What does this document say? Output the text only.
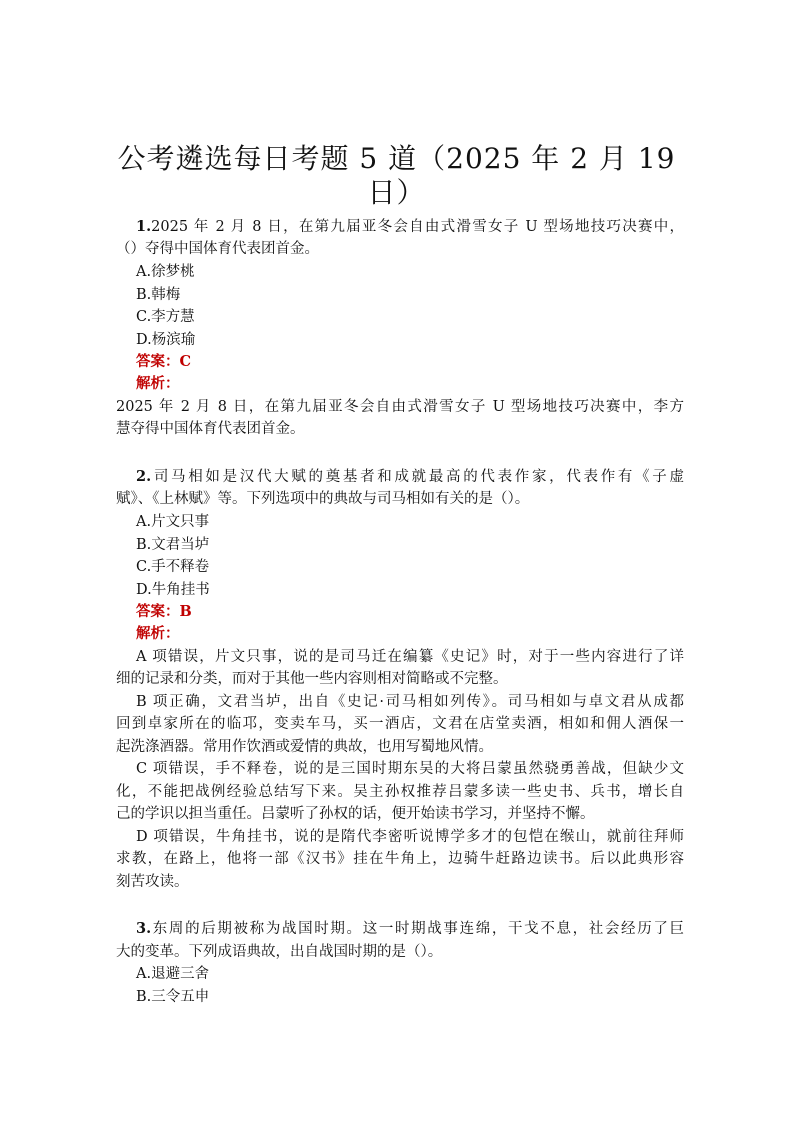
公考遴选每日考题 5 道（2025 年 2 月 19
日）
1.2025 年 2 月 8 日，在第九届亚冬会自由式滑雪女子 U 型场地技巧决赛中，
（）夺得中国体育代表团首金。
A.徐梦桃
B.韩梅
C.李方慧
D.杨滨瑜
答案：C
解析：
2025 年 2 月 8 日，在第九届亚冬会自由式滑雪女子 U 型场地技巧决赛中，李方
慧夺得中国体育代表团首金。
2.司马相如是汉代大赋的奠基者和成就最高的代表作家，代表作有《子虚
赋》、《上林赋》等。下列选项中的典故与司马相如有关的是（）。
A.片文只事
B.文君当垆
C.手不释卷
D.牛角挂书
答案：B
解析：
A 项错误，片文只事，说的是司马迁在编纂《史记》时，对于一些内容进行了详
细的记录和分类，而对于其他一些内容则相对简略或不完整。
B 项正确，文君当垆，出自《史记·司马相如列传》。司马相如与卓文君从成都
回到卓家所在的临邛，变卖车马，买一酒店，文君在店堂卖酒，相如和佣人酒保一
起洗涤酒器。常用作饮酒或爱情的典故，也用写蜀地风情。
C 项错误，手不释卷，说的是三国时期东吴的大将吕蒙虽然骁勇善战，但缺少文
化，不能把战例经验总结写下来。吴主孙权推荐吕蒙多读一些史书、兵书，增长自
己的学识以担当重任。吕蒙听了孙权的话，便开始读书学习，并坚持不懈。
D 项错误，牛角挂书，说的是隋代李密听说博学多才的包恺在缑山，就前往拜师
求教，在路上，他将一部《汉书》挂在牛角上，边骑牛赶路边读书。后以此典形容
刻苦攻读。
3.东周的后期被称为战国时期。这一时期战事连绵，干戈不息，社会经历了巨
大的变革。下列成语典故，出自战国时期的是（）。
A.退避三舍
B.三令五申
